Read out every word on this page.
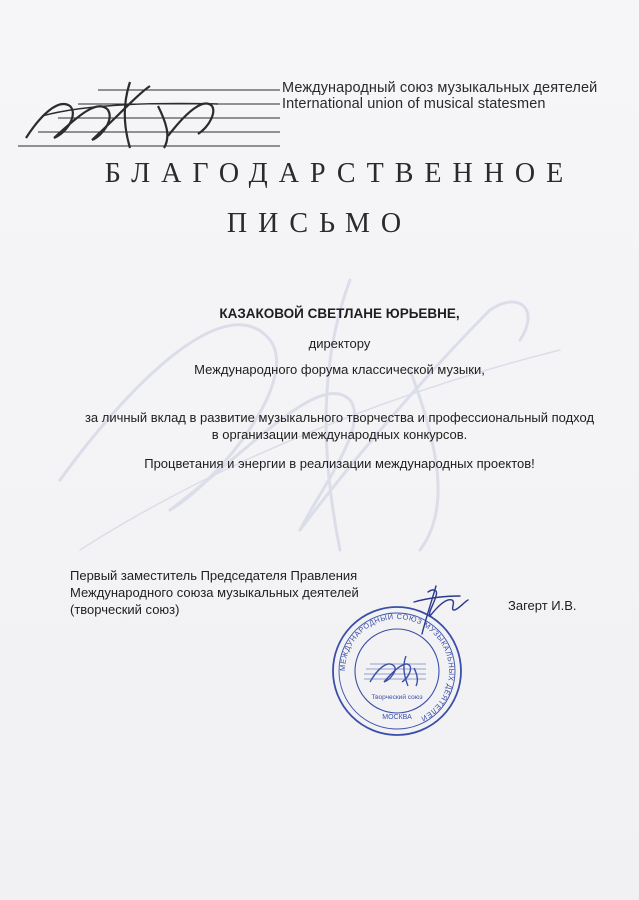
Международный союз музыкальных деятелей
International union of musical statesmen
БЛАГОДАРСТВЕННОЕ
ПИСЬМО
КАЗАКОВОЙ СВЕТЛАНЕ ЮРЬЕВНЕ,
директору
Международного форума классической музыки,
за личный вклад в развитие музыкального творчества и профессиональный подход
в организации международных конкурсов.
Процветания и энергии в реализации международных проектов!
Первый заместитель Председателя Правления
Международного союза музыкальных деятелей
(творческий союз)	Загерт И.В.
МЕЖДУНАРОДНЫЙ СОЮЗ МУЗЫКАЛЬНЫХ ДЕЯТЕЛЕЙ
Творческий союз
МОСКВА
